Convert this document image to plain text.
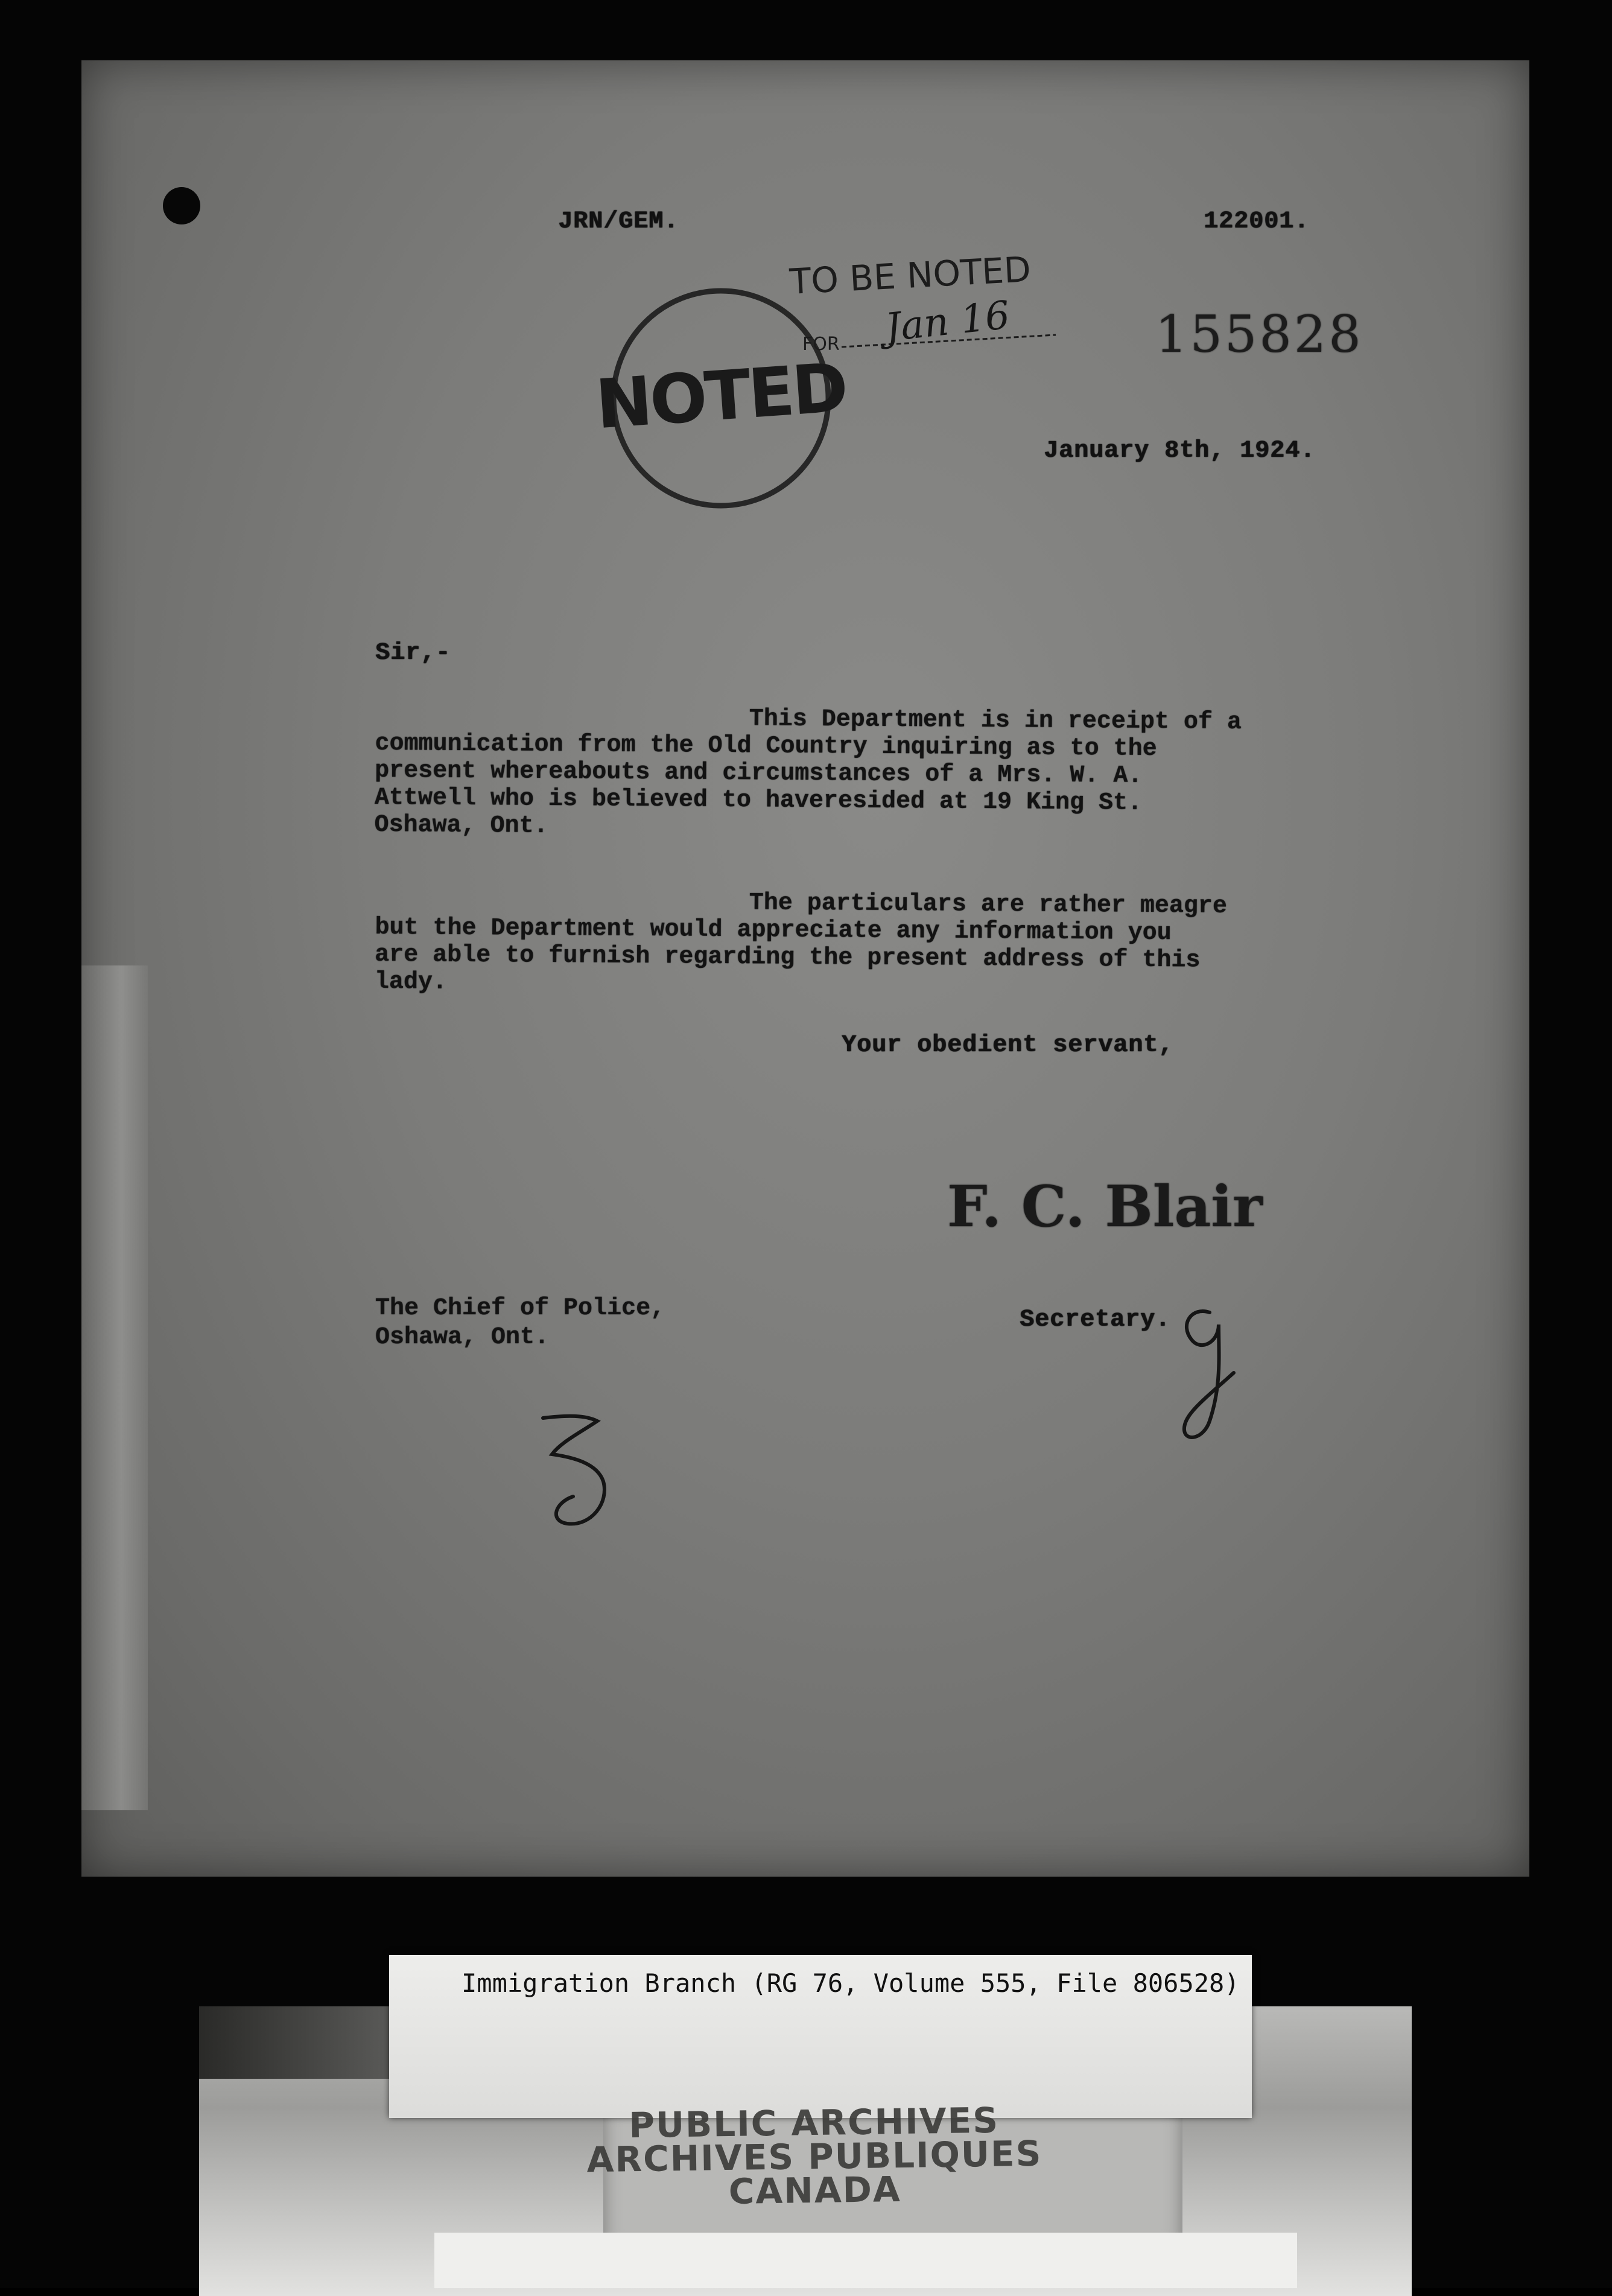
JRN/GEM.	122001.
155828
NOTED
TO BE NOTED
FOR Jan 16
January 8th, 1924.
Sir,-
This Department is in receipt of a
communication from the Old Country inquiring as to the
present whereabouts and circumstances of a Mrs. W. A.
Attwell who is believed to haveresided at 19 King St.
Oshawa, Ont.
The particulars are rather meagre
but the Department would appreciate any information you
are able to furnish regarding the present address of this
lady.
Your obedient servant,
F. C. Blair
The Chief of Police,
Oshawa, Ont.
Secretary.
Immigration Branch (RG 76, Volume 555, File 806528)
PUBLIC ARCHIVES
ARCHIVES PUBLIQUES
CANADA
